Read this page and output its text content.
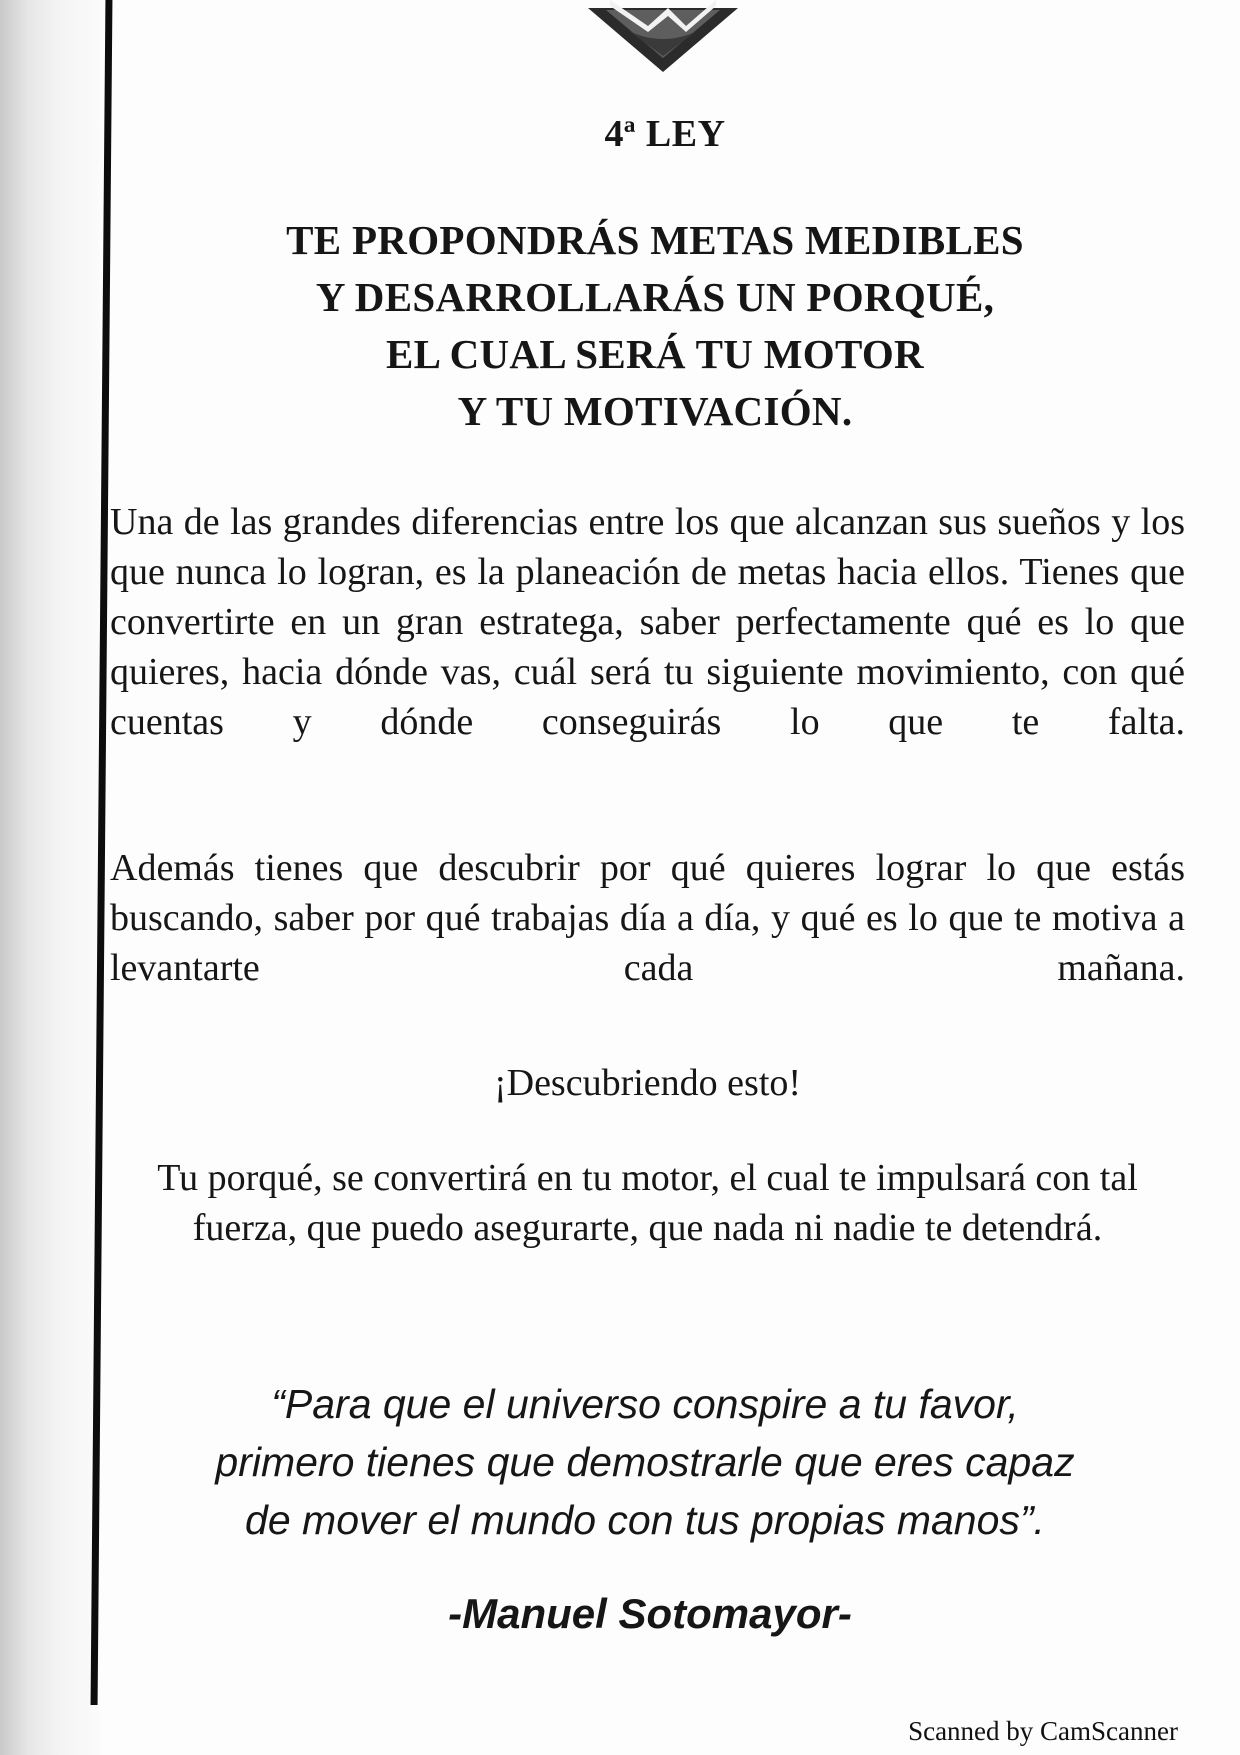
4ª LEY
TE PROPONDRÁS METAS MEDIBLES
Y DESARROLLARÁS UN PORQUÉ,
EL CUAL SERÁ TU MOTOR
Y TU MOTIVACIÓN.
Una de las grandes diferencias entre los que alcanzan sus sueños y los que nunca lo logran, es la planeación de metas hacia ellos. Tienes que convertirte en un gran estratega, saber perfectamente qué es lo que quieres, hacia dónde vas, cuál será tu siguiente movimiento, con qué cuentas y dónde conseguirás lo que te falta.
Además tienes que descubrir por qué quieres lograr lo que estás buscando, saber por qué trabajas día a día, y qué es lo que te motiva a levantarte cada mañana.
¡Descubriendo esto!
Tu porqué, se convertirá en tu motor, el cual te impulsará con tal fuerza, que puedo asegurarte, que nada ni nadie te detendrá.
“Para que el universo conspire a tu favor,
primero tienes que demostrarle que eres capaz
de mover el mundo con tus propias manos”.
-Manuel Sotomayor-
Scanned by CamScanner
